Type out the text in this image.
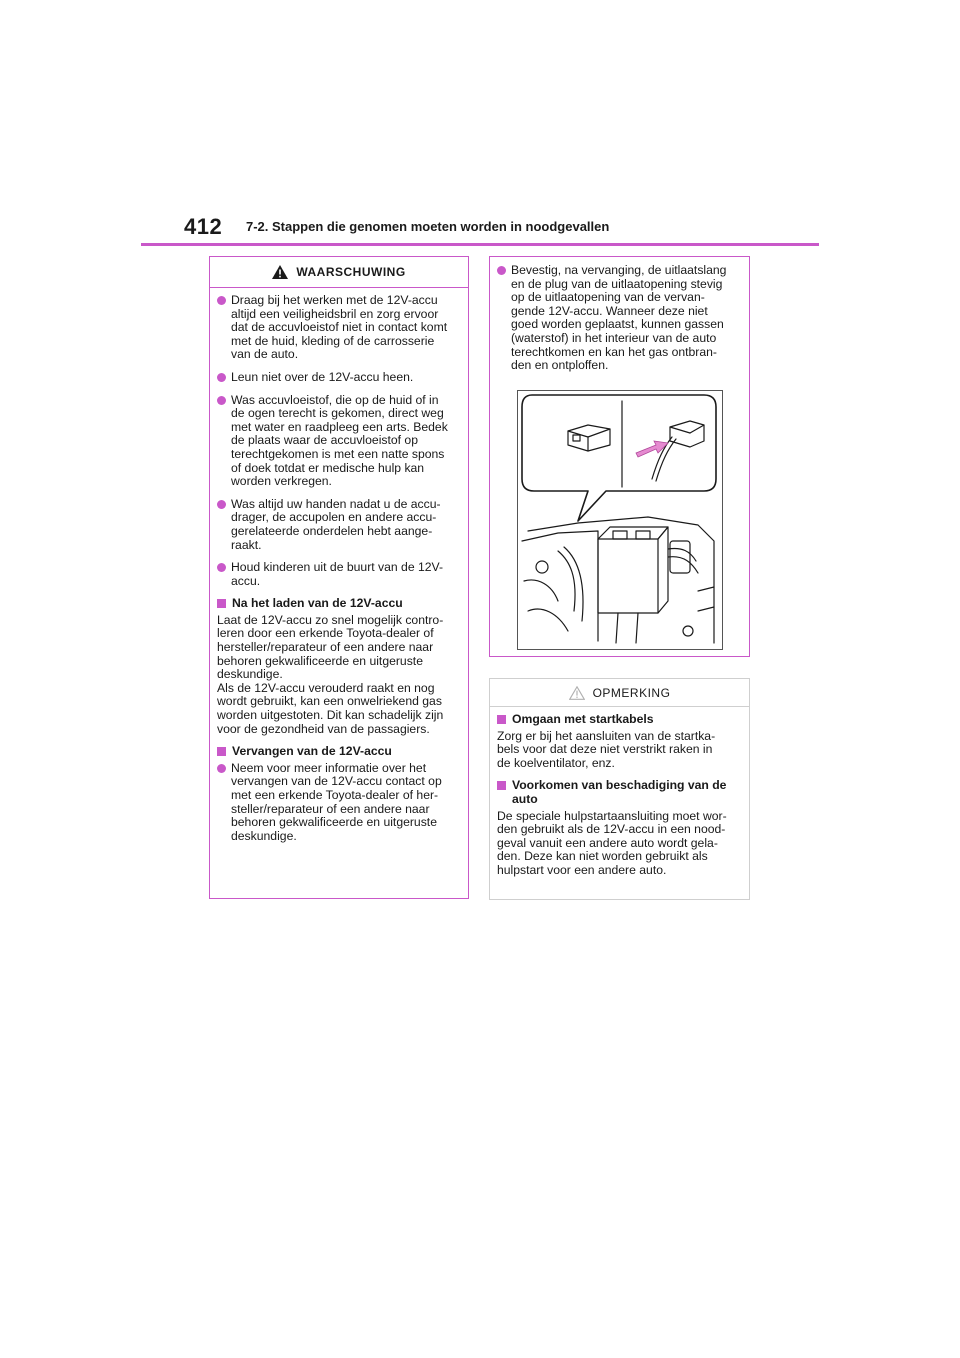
412 7-2. Stappen die genomen moeten worden in noodgevallen
WAARSCHUWING
Draag bij het werken met de 12V-accu
altijd een veiligheidsbril en zorg ervoor
dat de accuvloeistof niet in contact komt
met de huid, kleding of de carrosserie
van de auto.
Leun niet over de 12V-accu heen.
Was accuvloeistof, die op de huid of in
de ogen terecht is gekomen, direct weg
met water en raadpleeg een arts. Bedek
de plaats waar de accuvloeistof op
terechtgekomen is met een natte spons
of doek totdat er medische hulp kan
worden verkregen.
Was altijd uw handen nadat u de accu-
drager, de accupolen en andere accu-
gerelateerde onderdelen hebt aange-
raakt.
Houd kinderen uit de buurt van de 12V-
accu.
Na het laden van de 12V-accu
Laat de 12V-accu zo snel mogelijk contro-
leren door een erkende Toyota-dealer of
hersteller/reparateur of een andere naar
behoren gekwalificeerde en uitgeruste
deskundige.
Als de 12V-accu verouderd raakt en nog
wordt gebruikt, kan een onwelriekend gas
worden uitgestoten. Dit kan schadelijk zijn
voor de gezondheid van de passagiers.
Vervangen van de 12V-accu
Neem voor meer informatie over het
vervangen van de 12V-accu contact op
met een erkende Toyota-dealer of her-
steller/reparateur of een andere naar
behoren gekwalificeerde en uitgeruste
deskundige.
Bevestig, na vervanging, de uitlaatslang
en de plug van de uitlaatopening stevig
op de uitlaatopening van de vervan-
gende 12V-accu. Wanneer deze niet
goed worden geplaatst, kunnen gassen
(waterstof) in het interieur van de auto
terechtkomen en kan het gas ontbran-
den en ontploffen.
OPMERKING
Omgaan met startkabels
Zorg er bij het aansluiten van de startka-
bels voor dat deze niet verstrikt raken in
de koelventilator, enz.
Voorkomen van beschadiging van de
auto
De speciale hulpstartaansluiting moet wor-
den gebruikt als de 12V-accu in een nood-
geval vanuit een andere auto wordt gela-
den. Deze kan niet worden gebruikt als
hulpstart voor een andere auto.
